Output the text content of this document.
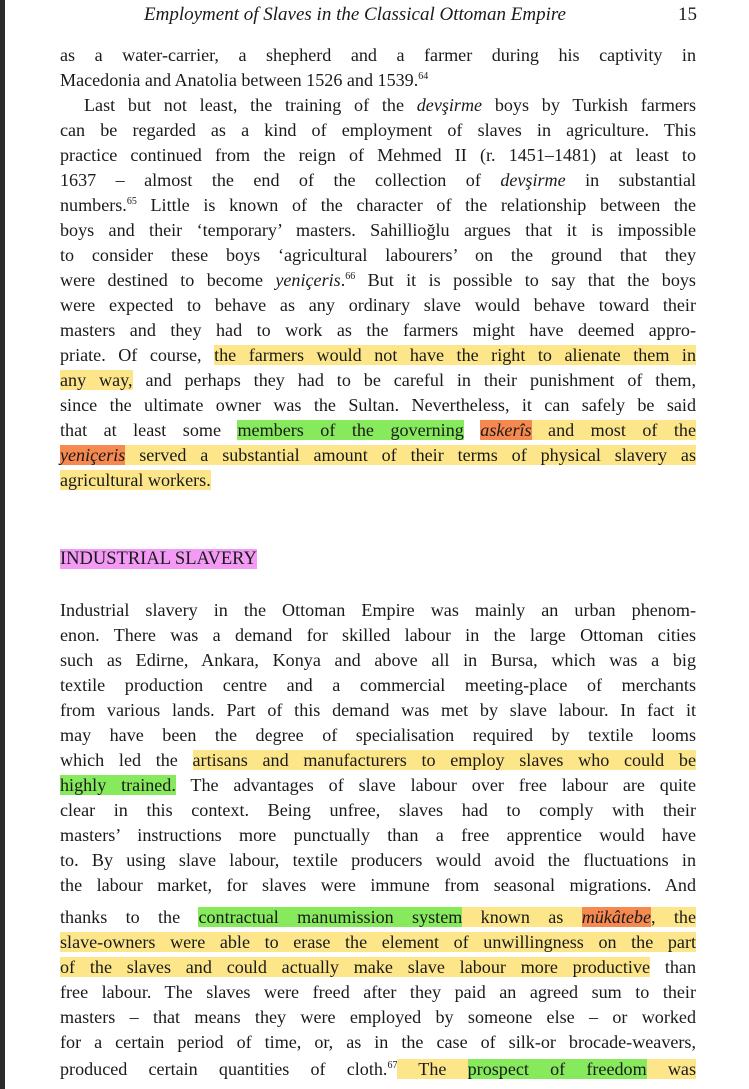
Employment of Slaves in the Classical Ottoman Empire	15
as a water-carrier, a shepherd and a farmer during his captivity in
Macedonia and Anatolia between 1526 and 1539.64
Last but not least, the training of the devşirme boys by Turkish farmers
can be regarded as a kind of employment of slaves in agriculture. This
practice continued from the reign of Mehmed II (r. 1451–1481) at least to
1637 – almost the end of the collection of devşirme in substantial
numbers.$^{65}$ Little is known of the character of the relationship between the
boys and their ‘temporary’ masters. Sahillioğlu argues that it is impossible
to consider these boys ‘agricultural labourers’ on the ground that they
were destined to become yeniçeris.$^{66}$ But it is possible to say that the boys
were expected to behave as any ordinary slave would behave toward their
masters and they had to work as the farmers might have deemed appro-
priate. Of course, the farmers would not have the right to alienate them in
any way, and perhaps they had to be careful in their punishment of them,
since the ultimate owner was the Sultan. Nevertheless, it can safely be said
that at least some members of the governing askerîs and most of the
yeniçeris served a substantial amount of their terms of physical slavery as
agricultural workers.
INDUSTRIAL SLAVERY
Industrial slavery in the Ottoman Empire was mainly an urban phenom-
enon. There was a demand for skilled labour in the large Ottoman cities
such as Edirne, Ankara, Konya and above all in Bursa, which was a big
textile production centre and a commercial meeting-place of merchants
from various lands. Part of this demand was met by slave labour. In fact it
may have been the degree of specialisation required by textile looms
which led the artisans and manufacturers to employ slaves who could be
highly trained. The advantages of slave labour over free labour are quite
clear in this context. Being unfree, slaves had to comply with their
masters’ instructions more punctually than a free apprentice would have
to. By using slave labour, textile producers would avoid the fluctuations in
the labour market, for slaves were immune from seasonal migrations. And
thanks to the contractual manumission system known as mükâtebe, the
slave-owners were able to erase the element of unwillingness on the part
of the slaves and could actually make slave labour more productive than
free labour. The slaves were freed after they paid an agreed sum to their
masters – that means they were employed by someone else – or worked
for a certain period of time, or, as in the case of silk-or brocade-weavers,
produced certain quantities of cloth.$^{67}$ The prospect of freedom was
